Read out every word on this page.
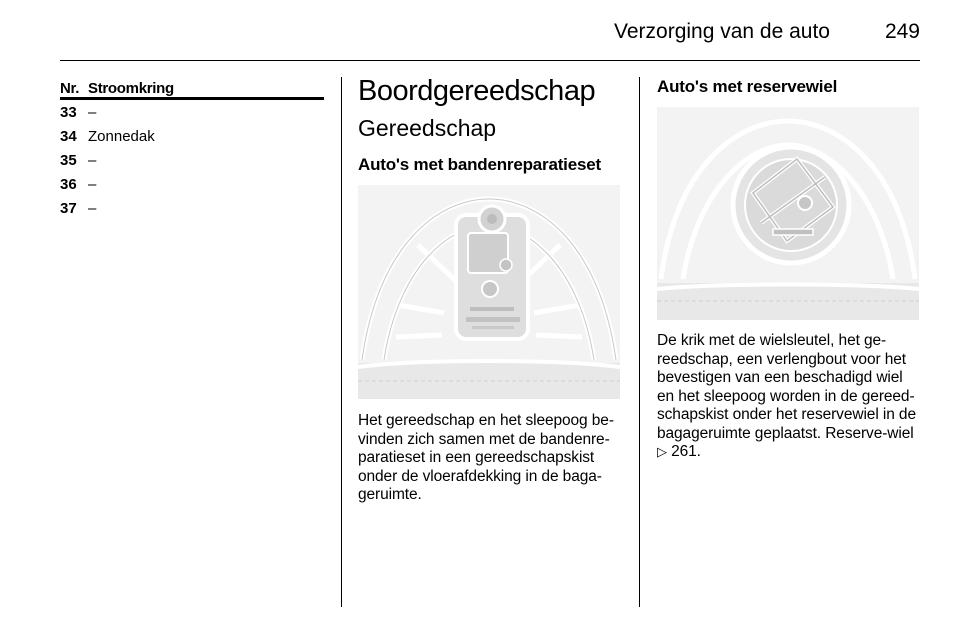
Verzorging van de auto	249
Nr. Stroomkring
33 –
34 Zonnedak
35 –
36 –
37 –
Boordgereedschap
Gereedschap
Auto's met bandenreparatieset
Het gereedschap en het sleepoog be-vinden zich samen met de bandenre-paratieset in een gereedschapskist onder de vloerafdekking in de baga-geruimte.
Auto's met reservewiel
De krik met de wielsleutel, het ge-reedschap, een verlengbout voor het bevestigen van een beschadigd wiel en het sleepoog worden in de gereed-schapskist onder het reservewiel in de bagageruimte geplaatst. Reserve-wiel ▷ 261.
